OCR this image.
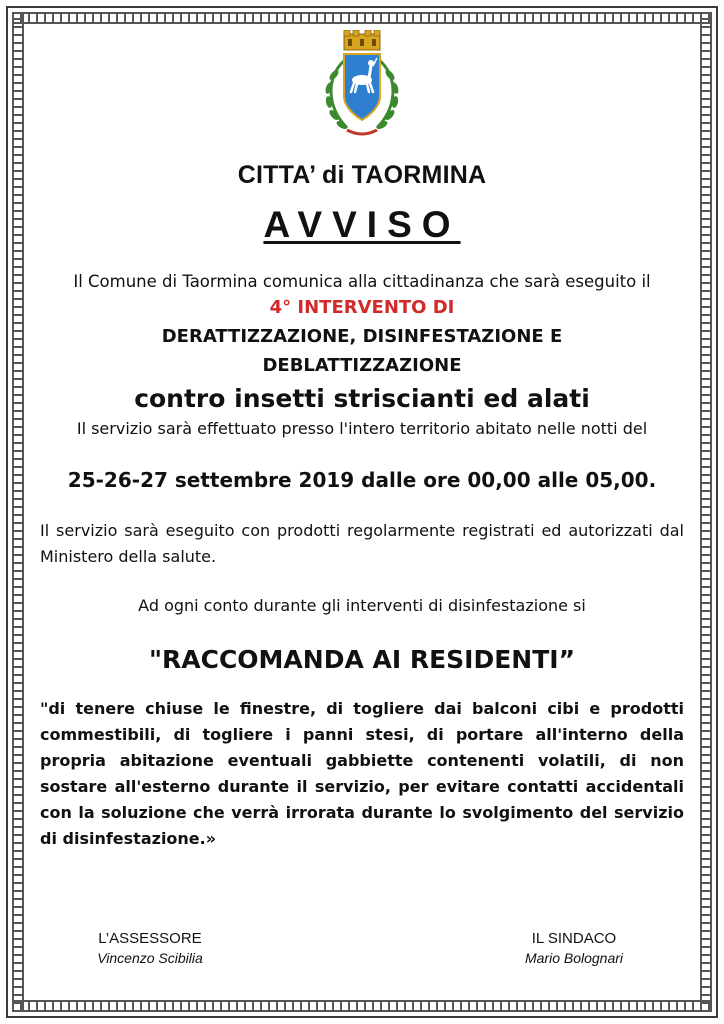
CITTA’ di TAORMINA
AVVISO
Il Comune di Taormina comunica alla cittadinanza che sarà eseguito il
4° INTERVENTO DI
DERATTIZZAZIONE, DISINFESTAZIONE E
DEBLATTIZZAZIONE
contro insetti striscianti ed alati
Il servizio sarà effettuato presso l'intero territorio abitato nelle notti del
25-26-27 settembre 2019 dalle ore 00,00 alle 05,00.
Il servizio sarà eseguito con prodotti regolarmente registrati ed autorizzati dal Ministero della salute.
Ad ogni conto durante gli interventi di disinfestazione si
"RACCOMANDA AI RESIDENTI”
"di tenere chiuse le finestre, di togliere dai balconi cibi e prodotti commestibili, di togliere i panni stesi, di portare all'interno della propria abitazione eventuali gabbiette contenenti volatili, di non sostare all'esterno durante il servizio, per evitare contatti accidentali con la soluzione che verrà irrorata durante lo svolgimento del servizio di disinfestazione.»
L’ASSESSORE
Vincenzo Scibilia
IL SINDACO
Mario Bolognari
